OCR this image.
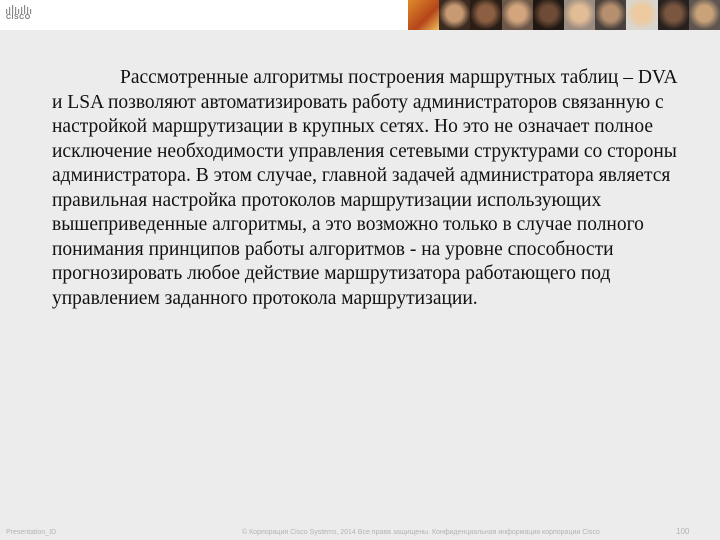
CISCO

Рассмотренные алгоритмы построения маршрутных таблиц – DVA и LSA позволяют автоматизировать работу администраторов связанную с настройкой маршрутизации в крупных сетях. Но это не означает полное исключение необходимости управления сетевыми структурами со стороны администратора. В этом случае, главной задачей администратора является правильная настройка протоколов маршрутизации использующих вышеприведенные алгоритмы, а это возможно только в случае полного понимания принципов работы алгоритмов - на уровне способности прогнозировать любое действие маршрутизатора работающего под управлением заданного протокола маршрутизации.

Presentation_ID	© Корпорация Cisco Systems, 2014 Все права защищены. Конфиденциальная информация корпорации Cisco	100
